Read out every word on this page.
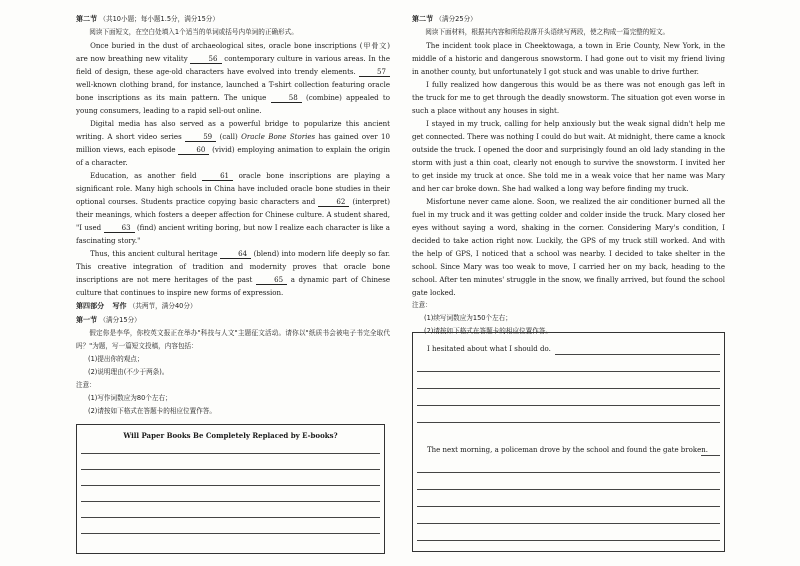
第二节 （共10小题；每小题1.5分，满分15分）
阅读下面短文，在空白处填入1个适当的单词或括号内单词的正确形式。
Once buried in the dust of archaeological sites, oracle bone inscriptions (甲骨文) are now breathing new vitality	56 contemporary culture in various areas. In the field of design, these age-old characters have evolved into trendy elements.	57 well-known clothing brand, for instance, launched a T-shirt collection featuring oracle bone inscriptions as its main pattern. The unique	58 (combine) appealed to young consumers, leading to a rapid sell-out online.
Digital media has also served as a powerful bridge to popularize this ancient writing. A short video series	59 (call) Oracle Bone Stories has gained over 10 million views, each episode	60 (vivid) employing animation to explain the origin of a character.
Education, as another field	61 oracle bone inscriptions are playing a significant role. Many high schools in China have included oracle bone studies in their optional courses. Students practice copying basic characters and	62 (interpret) their meanings, which fosters a deeper affection for Chinese culture. A student shared, "I used	63 (find) ancient writing boring, but now I realize each character is like a fascinating story."
Thus, this ancient cultural heritage	64 (blend) into modern life deeply so far. This creative integration of tradition and modernity proves that oracle bone inscriptions are not mere heritages of the past	65 a dynamic part of Chinese culture that continues to inspire new forms of expression.
第四部分 写作 （共两节，满分40分）
第一节 （满分15分）
假定你是李华，你校英文报正在举办"科技与人文"主题征文活动。请你以"纸质书会被电子书完全取代吗？"为题，写一篇短文投稿，内容包括：
(1)提出你的观点；
(2)说明理由(不少于两条)。
注意：
(1)写作词数应为80个左右；
(2)请按如下格式在答题卡的相应位置作答。
Will Paper Books Be Completely Replaced by E-books?
第二节 （满分25分）
阅读下面材料，根据其内容和所给段落开头语续写两段，使之构成一篇完整的短文。
The incident took place in Cheektowaga, a town in Erie County, New York, in the middle of a historic and dangerous snowstorm. I had gone out to visit my friend living in another county, but unfortunately I got stuck and was unable to drive further.
I fully realized how dangerous this would be as there was not enough gas left in the truck for me to get through the deadly snowstorm. The situation got even worse in such a place without any houses in sight.
I stayed in my truck, calling for help anxiously but the weak signal didn't help me get connected. There was nothing I could do but wait. At midnight, there came a knock outside the truck. I opened the door and surprisingly found an old lady standing in the storm with just a thin coat, clearly not enough to survive the snowstorm. I invited her to get inside my truck at once. She told me in a weak voice that her name was Mary and her car broke down. She had walked a long way before finding my truck.
Misfortune never came alone. Soon, we realized the air conditioner burned all the fuel in my truck and it was getting colder and colder inside the truck. Mary closed her eyes without saying a word, shaking in the corner. Considering Mary's condition, I decided to take action right now. Luckily, the GPS of my truck still worked. And with the help of GPS, I noticed that a school was nearby. I decided to take shelter in the school. Since Mary was too weak to move, I carried her on my back, heading to the school. After ten minutes' struggle in the snow, we finally arrived, but found the school gate locked.
注意：
(1)续写词数应为150个左右；
(2)请按如下格式在答题卡的相应位置作答。
I hesitated about what I should do.
The next morning, a policeman drove by the school and found the gate broken.
